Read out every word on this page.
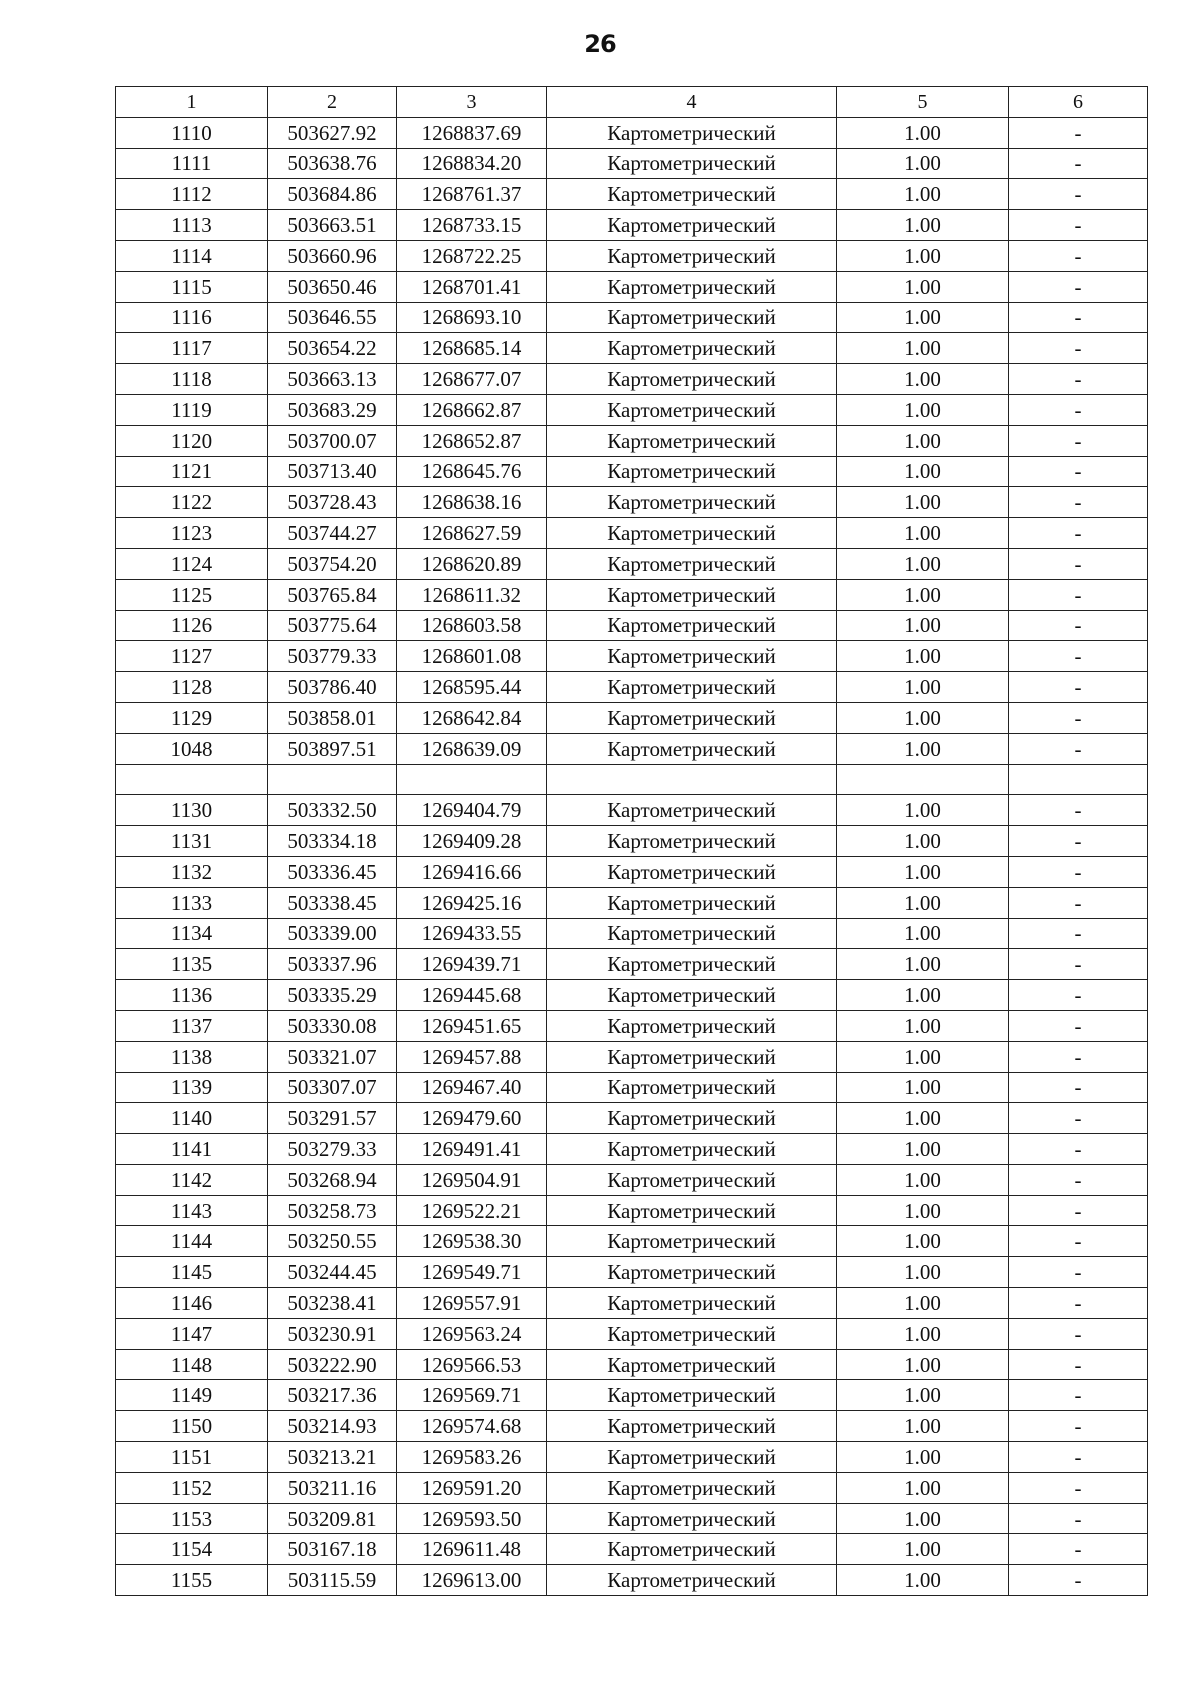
26
1	2	3	4	5	6
1110	503627.92	1268837.69	Картометрический	1.00	-
1111	503638.76	1268834.20	Картометрический	1.00	-
1112	503684.86	1268761.37	Картометрический	1.00	-
1113	503663.51	1268733.15	Картометрический	1.00	-
1114	503660.96	1268722.25	Картометрический	1.00	-
1115	503650.46	1268701.41	Картометрический	1.00	-
1116	503646.55	1268693.10	Картометрический	1.00	-
1117	503654.22	1268685.14	Картометрический	1.00	-
1118	503663.13	1268677.07	Картометрический	1.00	-
1119	503683.29	1268662.87	Картометрический	1.00	-
1120	503700.07	1268652.87	Картометрический	1.00	-
1121	503713.40	1268645.76	Картометрический	1.00	-
1122	503728.43	1268638.16	Картометрический	1.00	-
1123	503744.27	1268627.59	Картометрический	1.00	-
1124	503754.20	1268620.89	Картометрический	1.00	-
1125	503765.84	1268611.32	Картометрический	1.00	-
1126	503775.64	1268603.58	Картометрический	1.00	-
1127	503779.33	1268601.08	Картометрический	1.00	-
1128	503786.40	1268595.44	Картометрический	1.00	-
1129	503858.01	1268642.84	Картометрический	1.00	-
1048	503897.51	1268639.09	Картометрический	1.00	-

1130	503332.50	1269404.79	Картометрический	1.00	-
1131	503334.18	1269409.28	Картометрический	1.00	-
1132	503336.45	1269416.66	Картометрический	1.00	-
1133	503338.45	1269425.16	Картометрический	1.00	-
1134	503339.00	1269433.55	Картометрический	1.00	-
1135	503337.96	1269439.71	Картометрический	1.00	-
1136	503335.29	1269445.68	Картометрический	1.00	-
1137	503330.08	1269451.65	Картометрический	1.00	-
1138	503321.07	1269457.88	Картометрический	1.00	-
1139	503307.07	1269467.40	Картометрический	1.00	-
1140	503291.57	1269479.60	Картометрический	1.00	-
1141	503279.33	1269491.41	Картометрический	1.00	-
1142	503268.94	1269504.91	Картометрический	1.00	-
1143	503258.73	1269522.21	Картометрический	1.00	-
1144	503250.55	1269538.30	Картометрический	1.00	-
1145	503244.45	1269549.71	Картометрический	1.00	-
1146	503238.41	1269557.91	Картометрический	1.00	-
1147	503230.91	1269563.24	Картометрический	1.00	-
1148	503222.90	1269566.53	Картометрический	1.00	-
1149	503217.36	1269569.71	Картометрический	1.00	-
1150	503214.93	1269574.68	Картометрический	1.00	-
1151	503213.21	1269583.26	Картометрический	1.00	-
1152	503211.16	1269591.20	Картометрический	1.00	-
1153	503209.81	1269593.50	Картометрический	1.00	-
1154	503167.18	1269611.48	Картометрический	1.00	-
1155	503115.59	1269613.00	Картометрический	1.00	-
